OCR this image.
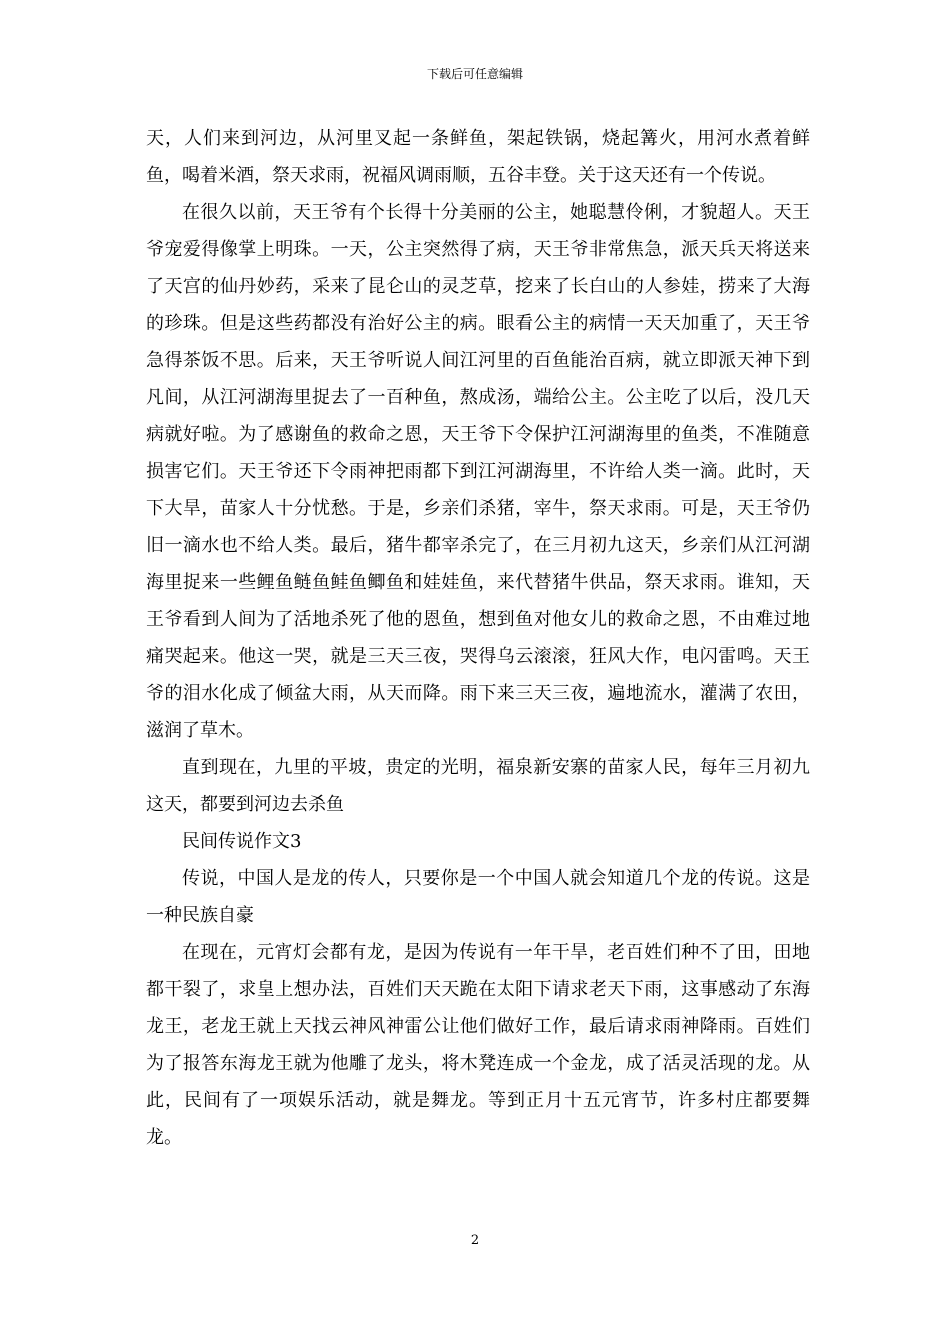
下载后可任意编辑

天，人们来到河边，从河里叉起一条鲜鱼，架起铁锅，烧起篝火，用河水煮着鲜鱼，喝着米酒，祭天求雨，祝福风调雨顺，五谷丰登。关于这天还有一个传说。

在很久以前，天王爷有个长得十分美丽的公主，她聪慧伶俐，才貌超人。天王爷宠爱得像掌上明珠。一天，公主突然得了病，天王爷非常焦急，派天兵天将送来了天宫的仙丹妙药，采来了昆仑山的灵芝草，挖来了长白山的人参娃，捞来了大海的珍珠。但是这些药都没有治好公主的病。眼看公主的病情一天天加重了，天王爷急得茶饭不思。后来，天王爷听说人间江河里的百鱼能治百病，就立即派天神下到凡间，从江河湖海里捉去了一百种鱼，熬成汤，端给公主。公主吃了以后，没几天病就好啦。为了感谢鱼的救命之恩，天王爷下令保护江河湖海里的鱼类，不准随意损害它们。天王爷还下令雨神把雨都下到江河湖海里，不许给人类一滴。此时，天下大旱，苗家人十分忧愁。于是，乡亲们杀猪，宰牛，祭天求雨。可是，天王爷仍旧一滴水也不给人类。最后，猪牛都宰杀完了，在三月初九这天，乡亲们从江河湖海里捉来一些鲤鱼鲢鱼鲑鱼鲫鱼和娃娃鱼，来代替猪牛供品，祭天求雨。谁知，天王爷看到人间为了活地杀死了他的恩鱼，想到鱼对他女儿的救命之恩，不由难过地痛哭起来。他这一哭，就是三天三夜，哭得乌云滚滚，狂风大作，电闪雷鸣。天王爷的泪水化成了倾盆大雨，从天而降。雨下来三天三夜，遍地流水，灌满了农田，滋润了草木。

直到现在，九里的平坡，贵定的光明，福泉新安寨的苗家人民，每年三月初九这天，都要到河边去杀鱼

民间传说作文3

传说，中国人是龙的传人，只要你是一个中国人就会知道几个龙的传说。这是一种民族自豪

在现在，元宵灯会都有龙，是因为传说有一年干旱，老百姓们种不了田，田地都干裂了，求皇上想办法，百姓们天天跪在太阳下请求老天下雨，这事感动了东海龙王，老龙王就上天找云神风神雷公让他们做好工作，最后请求雨神降雨。百姓们为了报答东海龙王就为他雕了龙头，将木凳连成一个金龙，成了活灵活现的龙。从此，民间有了一项娱乐活动，就是舞龙。等到正月十五元宵节，许多村庄都要舞龙。

2
